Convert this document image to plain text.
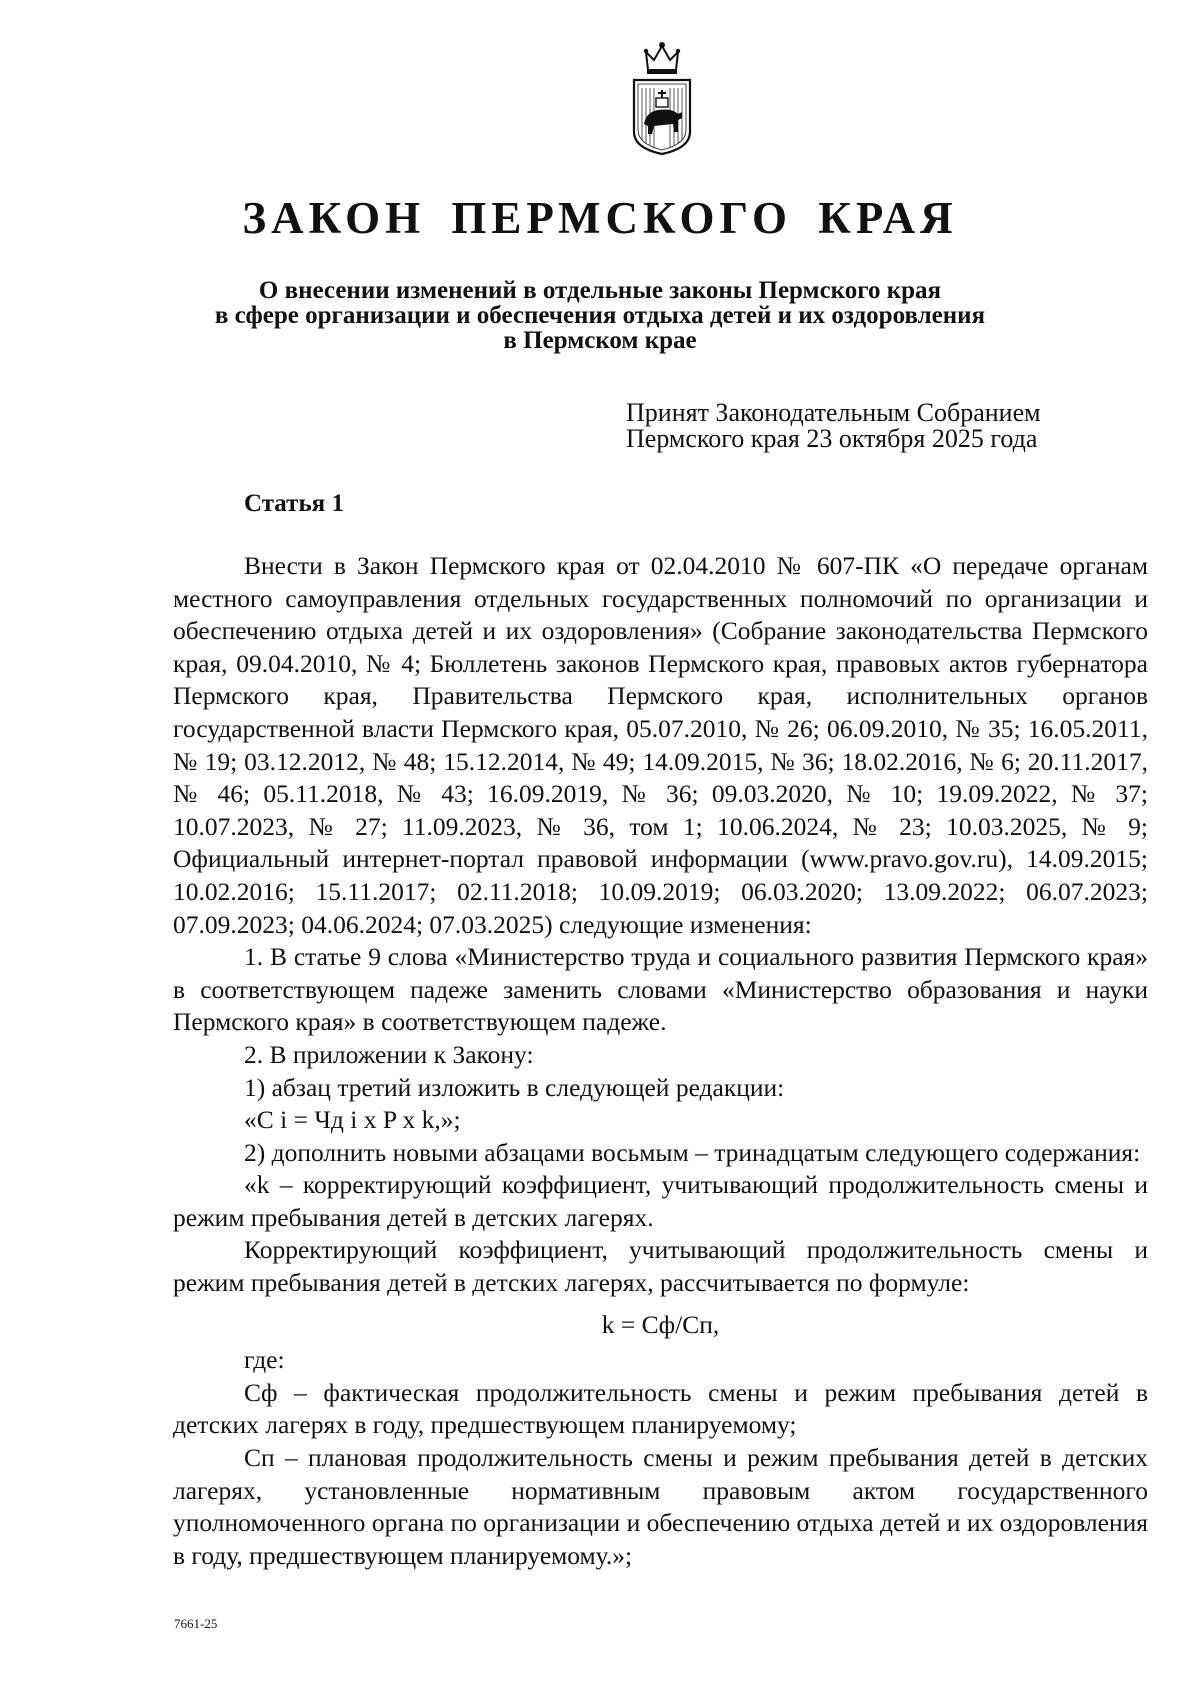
ЗАКОН ПЕРМСКОГО КРАЯ
О внесении изменений в отдельные законы Пермского края
в сфере организации и обеспечения отдыха детей и их оздоровления
в Пермском крае
Принят Законодательным Собранием
Пермского края 23 октября 2025 года
Статья 1

Внести в Закон Пермского края от 02.04.2010 № 607-ПК «О передаче органам местного самоуправления отдельных государственных полномочий по организации и обеспечению отдыха детей и их оздоровления» (Собрание законодательства Пермского края, 09.04.2010, № 4; Бюллетень законов Пермского края, правовых актов губернатора Пермского края, Правительства Пермского края, исполнительных органов государственной власти Пермского края, 05.07.2010, № 26; 06.09.2010, № 35; 16.05.2011, № 19; 03.12.2012, № 48; 15.12.2014, № 49; 14.09.2015, № 36; 18.02.2016, № 6; 20.11.2017, № 46; 05.11.2018, № 43; 16.09.2019, № 36; 09.03.2020, № 10; 19.09.2022, № 37; 10.07.2023, № 27; 11.09.2023, № 36, том 1; 10.06.2024, № 23; 10.03.2025, № 9; Официальный интернет-портал правовой информации (www.pravo.gov.ru), 14.09.2015; 10.02.2016; 15.11.2017; 02.11.2018; 10.09.2019; 06.03.2020; 13.09.2022; 06.07.2023; 07.09.2023; 04.06.2024; 07.03.2025) следующие изменения:

1. В статье 9 слова «Министерство труда и социального развития Пермского края» в соответствующем падеже заменить словами «Министерство образования и науки Пермского края» в соответствующем падеже.

2. В приложении к Закону:

1) абзац третий изложить в следующей редакции:

«C i = Чд i x P x k,»;

2) дополнить новыми абзацами восьмым – тринадцатым следующего содержания:

«k – корректирующий коэффициент, учитывающий продолжительность смены и режим пребывания детей в детских лагерях.

Корректирующий коэффициент, учитывающий продолжительность смены и режим пребывания детей в детских лагерях, рассчитывается по формуле:

k = Сф/Сп,

где:

Сф – фактическая продолжительность смены и режим пребывания детей в детских лагерях в году, предшествующем планируемому;

Сп – плановая продолжительность смены и режим пребывания детей в детских лагерях, установленные нормативным правовым актом государственного уполномоченного органа по организации и обеспечению отдыха детей и их оздоровления в году, предшествующем планируемому.»;

7661-25
